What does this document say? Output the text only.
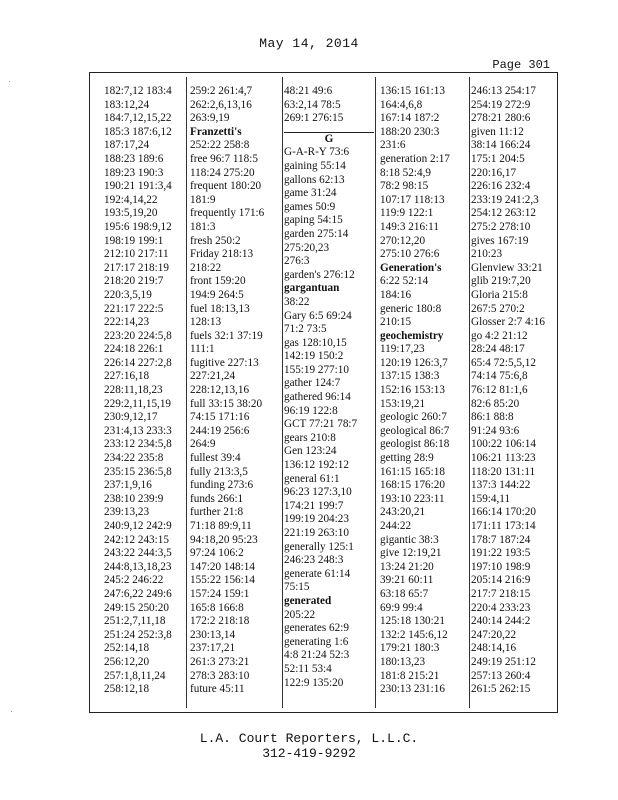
May 14, 2014
Page 301
182:7,12 183:4
183:12,24
184:7,12,15,22
185:3 187:6,12
187:17,24
188:23 189:6
189:23 190:3
190:21 191:3,4
192:4,14,22
193:5,19,20
195:6 198:9,12
198:19 199:1
212:10 217:11
217:17 218:19
218:20 219:7
220:3,5,19
221:17 222:5
222:14,23
223:20 224:5,8
224:18 226:1
226:14 227:2,8
227:16,18
228:11,18,23
229:2,11,15,19
230:9,12,17
231:4,13 233:3
233:12 234:5,8
234:22 235:8
235:15 236:5,8
237:1,9,16
238:10 239:9
239:13,23
240:9,12 242:9
242:12 243:15
243:22 244:3,5
244:8,13,18,23
245:2 246:22
247:6,22 249:6
249:15 250:20
251:2,7,11,18
251:24 252:3,8
252:14,18
256:12,20
257:1,8,11,24
258:12,18
259:2 261:4,7
262:2,6,13,16
263:9,19
Franzetti's
252:22 258:8
free 96:7 118:5
118:24 275:20
frequent 180:20
181:9
frequently 171:6
181:3
fresh 250:2
Friday 218:13
218:22
front 159:20
194:9 264:5
fuel 18:13,13
128:13
fuels 32:1 37:19
111:1
fugitive 227:13
227:21,24
228:12,13,16
full 33:15 38:20
74:15 171:16
244:19 256:6
264:9
fullest 39:4
fully 213:3,5
funding 273:6
funds 266:1
further 21:8
71:18 89:9,11
94:18,20 95:23
97:24 106:2
147:20 148:14
155:22 156:14
157:24 159:1
165:8 166:8
172:2 218:18
230:13,14
237:17,21
261:3 273:21
278:3 283:10
future 45:11
48:21 49:6
63:2,14 78:5
269:1 276:15
G
G-A-R-Y 73:6
gaining 55:14
gallons 62:13
game 31:24
games 50:9
gaping 54:15
garden 275:14
275:20,23
276:3
garden's 276:12
gargantuan
38:22
Gary 6:5 69:24
71:2 73:5
gas 128:10,15
142:19 150:2
155:19 277:10
gather 124:7
gathered 96:14
96:19 122:8
GCT 77:21 78:7
gears 210:8
Gen 123:24
136:12 192:12
general 61:1
96:23 127:3,10
174:21 199:7
199:19 204:23
221:19 263:10
generally 125:1
246:23 248:3
generate 61:14
75:15
generated
205:22
generates 62:9
generating 1:6
4:8 21:24 52:3
52:11 53:4
122:9 135:20
136:15 161:13
164:4,6,8
167:14 187:2
188:20 230:3
231:6
generation 2:17
8:18 52:4,9
78:2 98:15
107:17 118:13
119:9 122:1
149:3 216:11
270:12,20
275:10 276:6
Generation's
6:22 52:14
184:16
generic 180:8
210:15
geochemistry
119:17,23
120:19 126:3,7
137:15 138:3
152:16 153:13
153:19,21
geologic 260:7
geological 86:7
geologist 86:18
getting 28:9
161:15 165:18
168:15 176:20
193:10 223:11
243:20,21
244:22
gigantic 38:3
give 12:19,21
13:24 21:20
39:21 60:11
63:18 65:7
69:9 99:4
125:18 130:21
132:2 145:6,12
179:21 180:3
180:13,23
181:8 215:21
230:13 231:16
246:13 254:17
254:19 272:9
278:21 280:6
given 11:12
38:14 166:24
175:1 204:5
220:16,17
226:16 232:4
233:19 241:2,3
254:12 263:12
275:2 278:10
gives 167:19
210:23
Glenview 33:21
glib 219:7,20
Gloria 215:8
267:5 270:2
Glosser 2:7 4:16
go 4:2 21:12
28:24 48:17
65:4 72:5,5,12
74:14 75:6,8
76:12 81:1,6
82:6 85:20
86:1 88:8
91:24 93:6
100:22 106:14
106:21 113:23
118:20 131:11
137:3 144:22
159:4,11
166:14 170:20
171:11 173:14
178:7 187:24
191:22 193:5
197:10 198:9
205:14 216:9
217:7 218:15
220:4 233:23
240:14 244:2
247:20,22
248:14,16
249:19 251:12
257:13 260:4
261:5 262:15
L.A. Court Reporters, L.L.C.
312-419-9292
·
·
